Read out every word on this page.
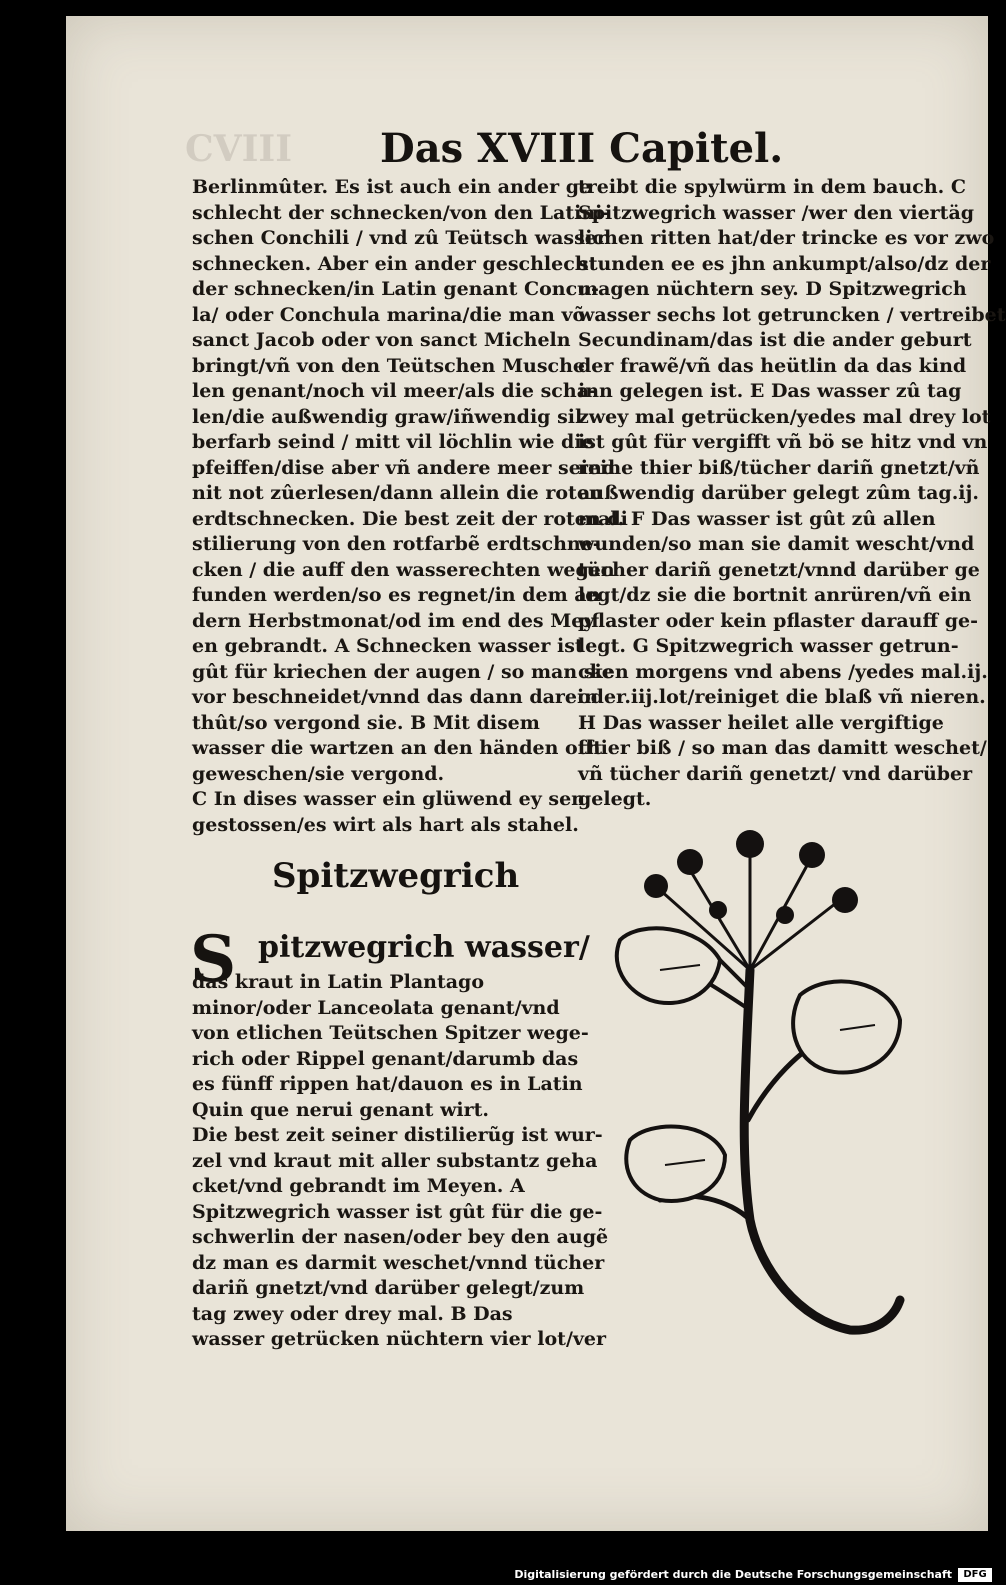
CVIII Das XVIII Capitel.
Berlinmûter. Es ist auch ein ander ge
schlecht der schnecken/von den Latini-
schen Conchili / vnd zû Teütsch wasser
schnecken. Aber ein ander geschlecht
der schnecken/in Latin genant Concu-
la/ oder Conchula marina/die man võ
sanct Jacob oder von sanct Micheln
bringt/vñ von den Teütschen Musche
len genant/noch vil meer/als die scha-
len/die außwendig graw/iñwendig sil
berfarb seind / mitt vil löchlin wie die
pfeiffen/dise aber vñ andere meer seind
nit not zûerlesen/dann allein die roten
erdtschnecken. Die best zeit der roten di
stilierung von den rotfarbẽ erdtschne-
cken / die auff den wasserechten wegen
funden werden/so es regnet/in dem an
dern Herbstmonat/od im end des Mey
en gebrandt. A Schnecken wasser ist
gût für kriechen der augen / so man sie
vor beschneidet/vnnd das dann darein
thût/so vergond sie. B Mit disem
wasser die wartzen an den händen offt
geweschen/sie vergond.
C In dises wasser ein glüwend ey sen
gestossen/es wirt als hart als stahel.
treibt die spylwürm in dem bauch. C
Spitzwegrich wasser /wer den viertäg
lichen ritten hat/der trincke es vor zwo
stunden ee es jhn ankumpt/also/dz der
magen nüchtern sey. D Spitzwegrich
wasser sechs lot getruncken / vertreibet
Secundinam/das ist die ander geburt
der frawẽ/vñ das heütlin da das kind
inn gelegen ist. E Das wasser zû tag
zwey mal getrücken/yedes mal drey lot
ist gût für vergifft vñ bö se hitz vnd vn
reine thier biß/tücher dariñ gnetzt/vñ
außwendig darüber gelegt zûm tag.ij.
mal. F Das wasser ist gût zû allen
wunden/so man sie damit wescht/vnd
tücher dariñ genetzt/vnnd darüber ge
legt/dz sie die bortnit anrüren/vñ ein
pflaster oder kein pflaster darauff ge-
legt. G Spitzwegrich wasser getrun-
cken morgens vnd abens /yedes mal.ij.
oder.iij.lot/reiniget die blaß vñ nieren.
H Das wasser heilet alle vergiftige
thier biß / so man das damitt weschet/
vñ tücher dariñ genetzt/ vnd darüber
gelegt.
Spitzwegrich
S pitzwegrich wasser/
das kraut in Latin Plantago
minor/oder Lanceolata genant/vnd
von etlichen Teütschen Spitzer wege-
rich oder Rippel genant/darumb das
es fünff rippen hat/dauon es in Latin
Quin que nerui genant wirt.
Die best zeit seiner distilierũg ist wur-
zel vnd kraut mit aller substantz geha
cket/vnd gebrandt im Meyen. A
Spitzwegrich wasser ist gût für die ge-
schwerlin der nasen/oder bey den augẽ
dz man es darmit weschet/vnnd tücher
dariñ gnetzt/vnd darüber gelegt/zum
tag zwey oder drey mal. B Das
wasser getrücken nüchtern vier lot/ver
Digitalisierung gefördert durch die Deutsche Forschungsgemeinschaft	DFG
